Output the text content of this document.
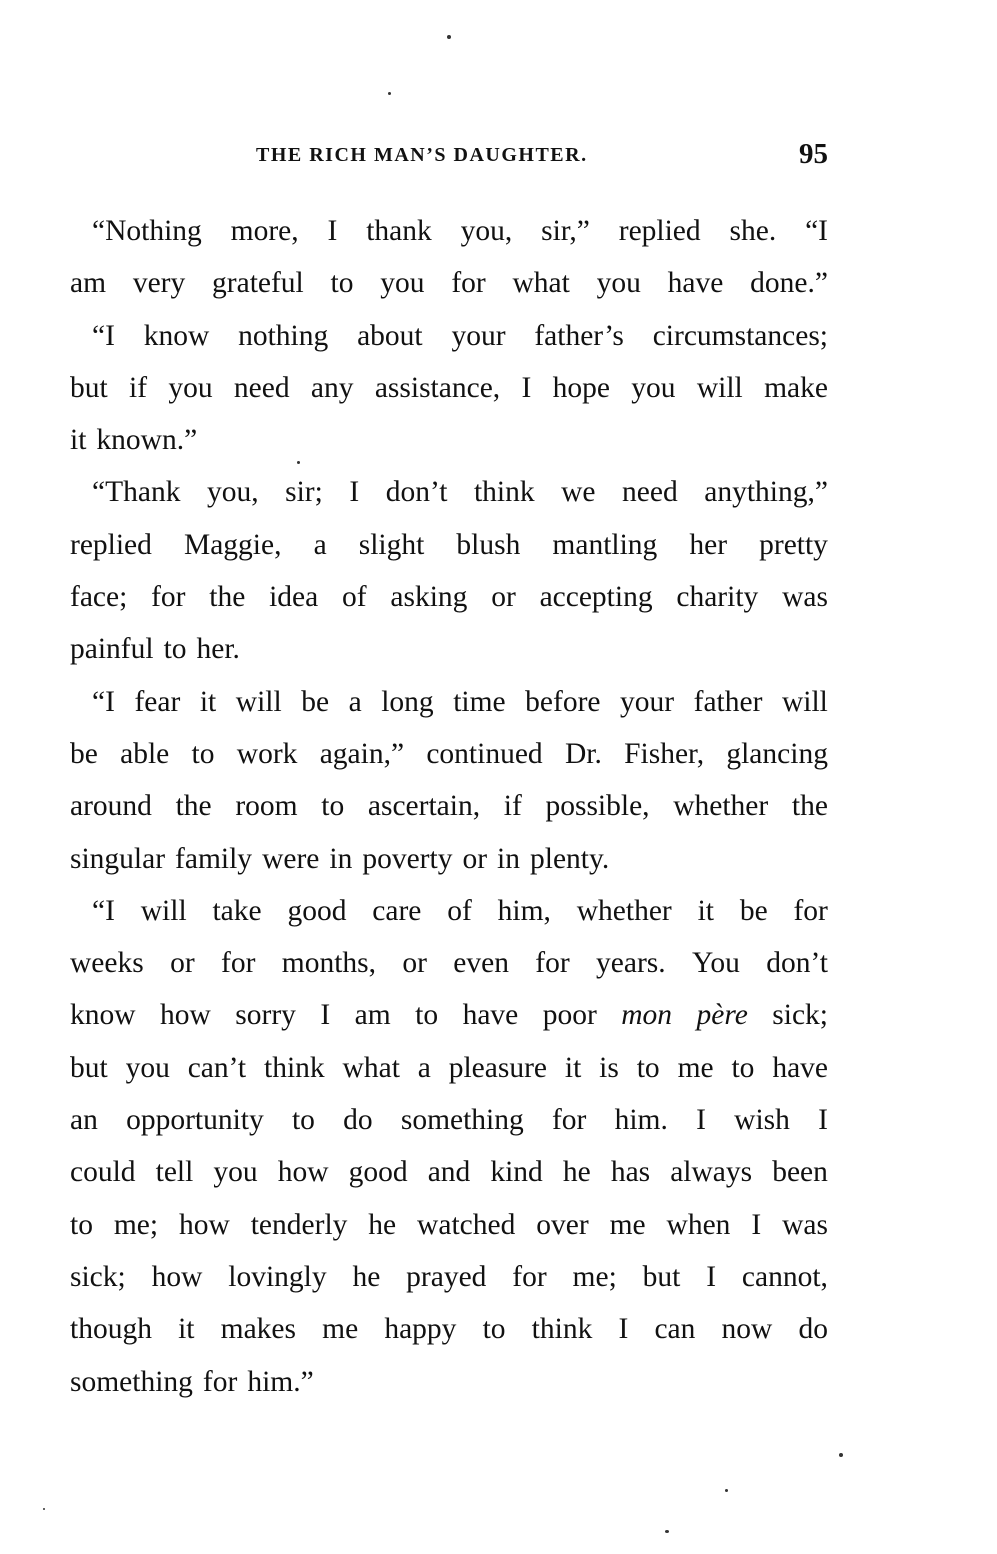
THE RICH MAN’S DAUGHTER.	95
“Nothing more, I thank you, sir,” replied she. “I
am very grateful to you for what you have done.”
“I know nothing about your father’s circumstances;
but if you need any assistance, I hope you will make
it known.”
“Thank you, sir; I don’t think we need anything,”
replied Maggie, a slight blush mantling her pretty
face; for the idea of asking or accepting charity was
painful to her.
“I fear it will be a long time before your father will
be able to work again,” continued Dr. Fisher, glancing
around the room to ascertain, if possible, whether the
singular family were in poverty or in plenty.
“I will take good care of him, whether it be for
weeks or for months, or even for years. You don’t
know how sorry I am to have poor mon père sick;
but you can’t think what a pleasure it is to me to have
an opportunity to do something for him. I wish I
could tell you how good and kind he has always been
to me; how tenderly he watched over me when I was
sick; how lovingly he prayed for me; but I cannot,
though it makes me happy to think I can now do
something for him.”
